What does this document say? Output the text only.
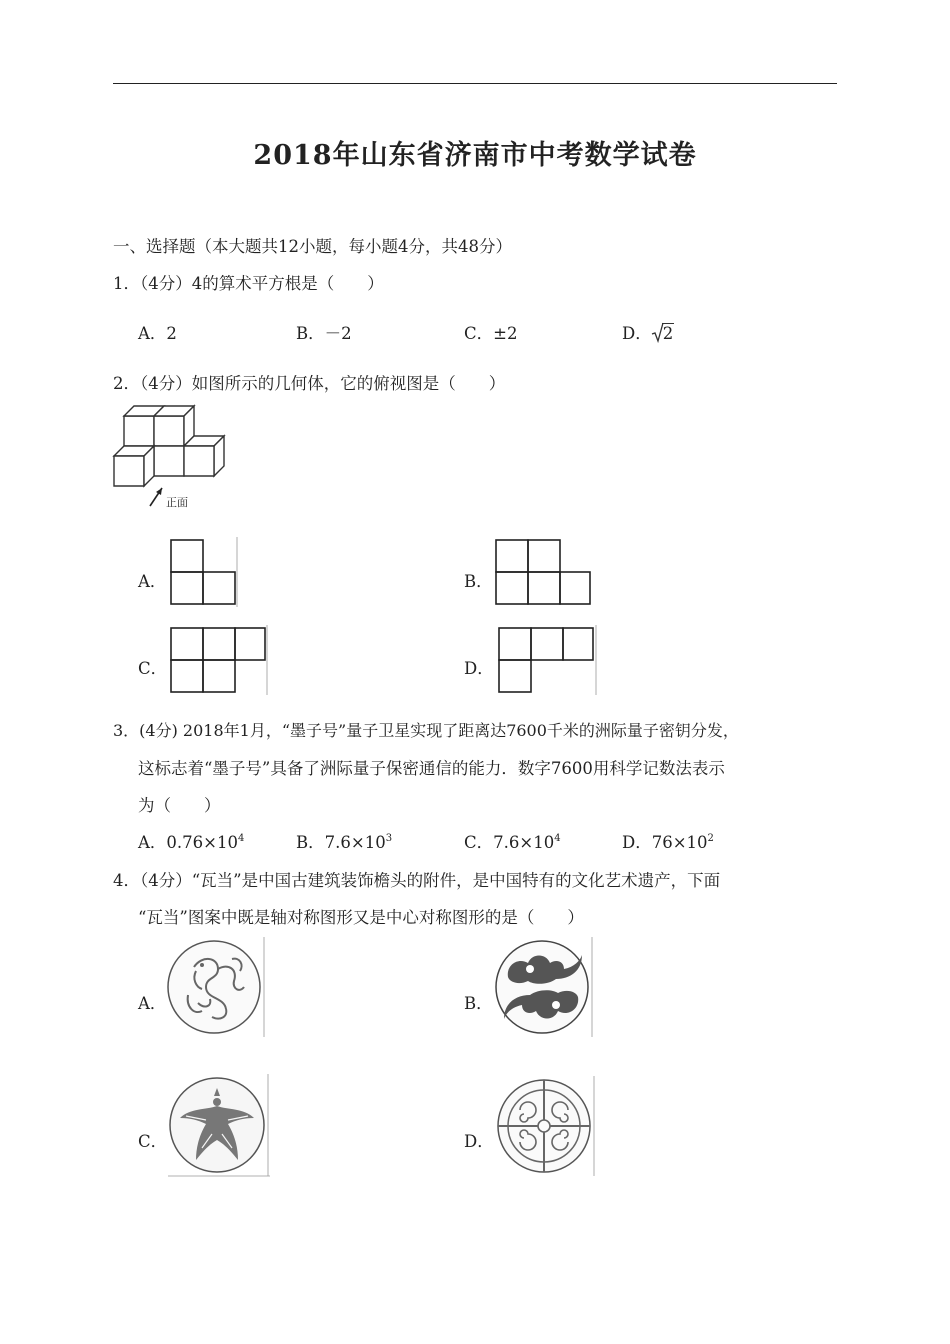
2018年山东省济南市中考数学试卷
一、选择题（本大题共12小题，每小题4分，共48分）
1．（4分）4的算术平方根是（　　）
A．2	B．－2	C．±2	D． 2
2．（4分）如图所示的几何体，它的俯视图是（　　）
正面
A．	B．
C．	D．
3．(4分) 2018年1月，“墨子号”量子卫星实现了距离达7600千米的洲际量子密钥分发，
这标志着“墨子号”具备了洲际量子保密通信的能力．数字7600用科学记数法表示
为（　　）
A．$0.76\times 10^4$	B．$7.6\times 10^3$	C．$7.6\times 10^4$	D．$76\times 10^2$
4．（4分）“瓦当”是中国古建筑装饰檐头的附件，是中国特有的文化艺术遗产，下面
“瓦当”图案中既是轴对称图形又是中心对称图形的是（　　）
A．	B．
C．	D．
